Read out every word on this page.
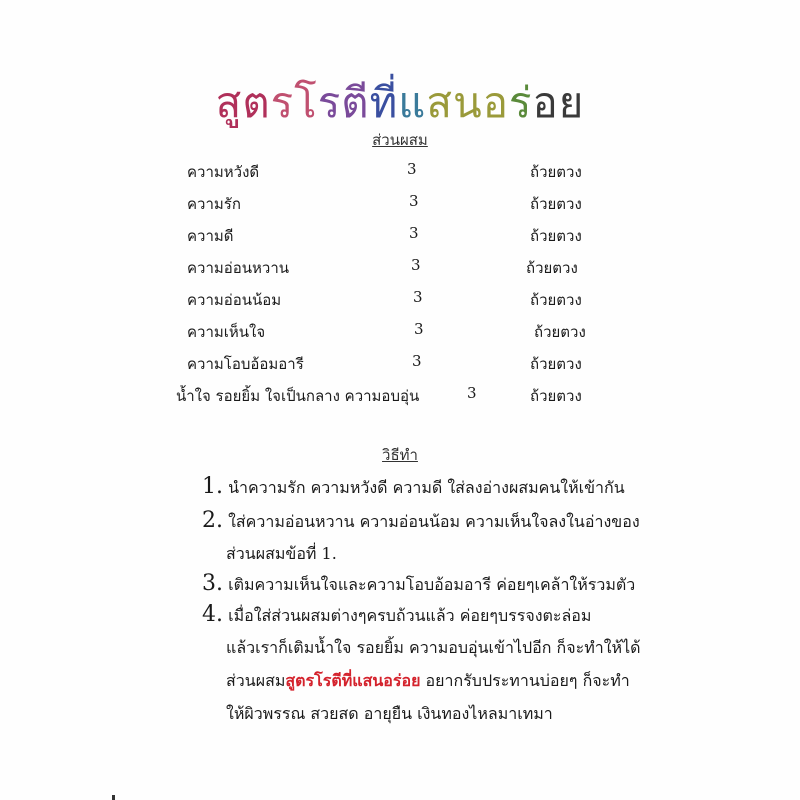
สตรโรตทแสนอรอย
ส่วนผสม
ความหวังดี	3	ถ้วยตวง
ความรัก	3	ถ้วยตวง
ความดี	3	ถ้วยตวง
ความอ่อนหวาน	3	ถ้วยตวง
ความอ่อนน้อม	3	ถ้วยตวง
ความเห็นใจ	3	ถ้วยตวง
ความโอบอ้อมอารี	3	ถ้วยตวง
น้ำใจ รอยยิ้ม ใจเป็นกลาง ความอบอุ่น	3	ถ้วยตวง
วิธีทำ
1. นำความรัก ความหวังดี ความดี ใส่ลงอ่างผสมคนให้เข้ากัน
2. ใส่ความอ่อนหวาน ความอ่อนน้อม ความเห็นใจลงในอ่างของ
ส่วนผสมข้อที่ 1.
3. เติมความเห็นใจและความโอบอ้อมอารี ค่อยๆเคล้าให้รวมตัว
4. เมื่อใส่ส่วนผสมต่างๆครบถ้วนแล้ว ค่อยๆบรรจงตะล่อม
แล้วเราก็เติมน้ำใจ รอยยิ้ม ความอบอุ่นเข้าไปอีก ก็จะทำให้ได้
ส่วนผสมสูตรโรตีที่แสนอร่อย อยากรับประทานบ่อยๆ ก็จะทำ
ให้ผิวพรรณ สวยสด อายุยืน เงินทองไหลมาเทมา
